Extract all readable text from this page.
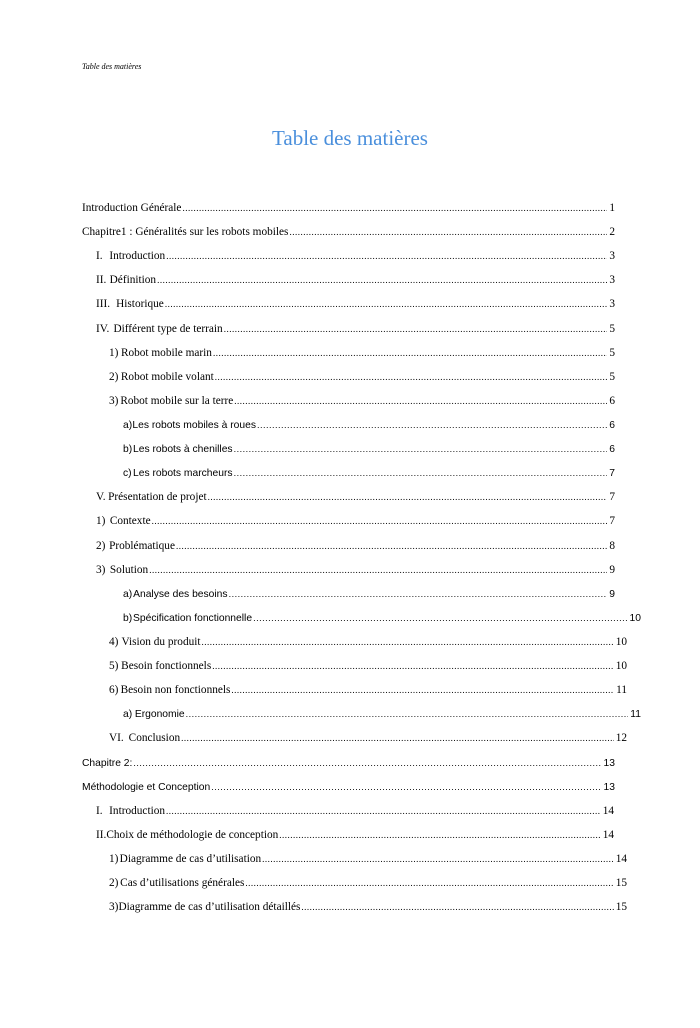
Table des matières
Table des matières
Introduction Générale .....	1
Chapitre1 : Généralités sur les robots mobiles .....	2
I. Introduction .....	3
II. Définition .....	3
III. Historique .....	3
IV. Différent type de terrain .....	5
1) Robot mobile marin .....	5
2) Robot mobile volant .....	5
3) Robot mobile sur la terre .....	6
a) Les robots mobiles à roues .....	6
b) Les robots à chenilles .....	6
c) Les robots marcheurs .....	7
V. Présentation de projet .....	7
1) Contexte .....	7
2) Problématique .....	8
3) Solution .....	9
a) Analyse des besoins .....	9
b) Spécification fonctionnelle .....	10
4) Vision du produit .....	10
5) Besoin fonctionnels .....	10
6) Besoin non fonctionnels .....	11
a) Ergonomie .....	11
VI. Conclusion .....	12
Chapitre 2: .....	13
Méthodologie et Conception .....	13
I. Introduction .....	14
II. Choix de méthodologie de conception .....	14
1) Diagramme de cas d’utilisation .....	14
2) Cas d’utilisations générales .....	15
3) Diagramme de cas d’utilisation détaillés .....	15
